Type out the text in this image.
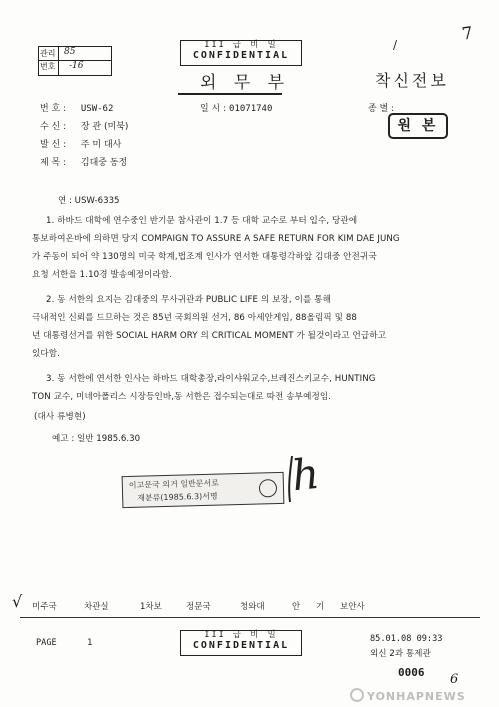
7
관리 85
번호 -16
III 급 비 밀
CONFIDENTIAL
외 무 부
/
착신전보
번 호 : USW-62	일 시 : 01071740	종 별 :
원 본
수 신 : 장 관 (미북)
발 신 : 주 미 대사
제 목 : 김대중 동정
연 : USW-6335
1. 하바드 대학에 연수중인 반기문 참사관이 1.7 등 대학 교수로 부터 입수, 당관에
통보하여온바에 의하면 당지 COMPAIGN TO ASSURE A SAFE RETURN FOR KIM DAE JUNG
가 주동이 되어 약 130명의 미국 학계,법조계 인사가 연서한 대통령각하앞 김대중 안전귀국
요청 서한을 1.10경 발송예정이라함.
2. 동 서한의 요지는 김대중의 무사귀관과 PUBLIC LIFE 의 보장, 이를 통해
극내적인 신뢰를 드므하는 것은 85년 국회의원 선거, 86 아세안게임, 88올림픽 및 88
년 대통령선거를 위한 SOCIAL HARM ORY 의 CRITICAL MOMENT 가 될것이라고 언급하고
있다함.
3. 동 서한에 연서한 인사는 하바드 대학총장,라이샤워교수,브레진스키교수, HUNTING
TON 교수, 미네아폴리스 시장등인바,동 서한은 접수되는대로 따전 송부예정임.
(대사 류병현)
예고 : 일반 1985.6.30
이고문국 의거 일반문서로
재분류(1985.6.3)서명 h
√ 미주국	차관실	1차보	정문국	청와대	안 기 보안사
PAGE	1
III 급 비 밀
CONFIDENTIAL
85.01.08 09:33
외신 2과 통제관
0006 6
YONHAPNEWS
